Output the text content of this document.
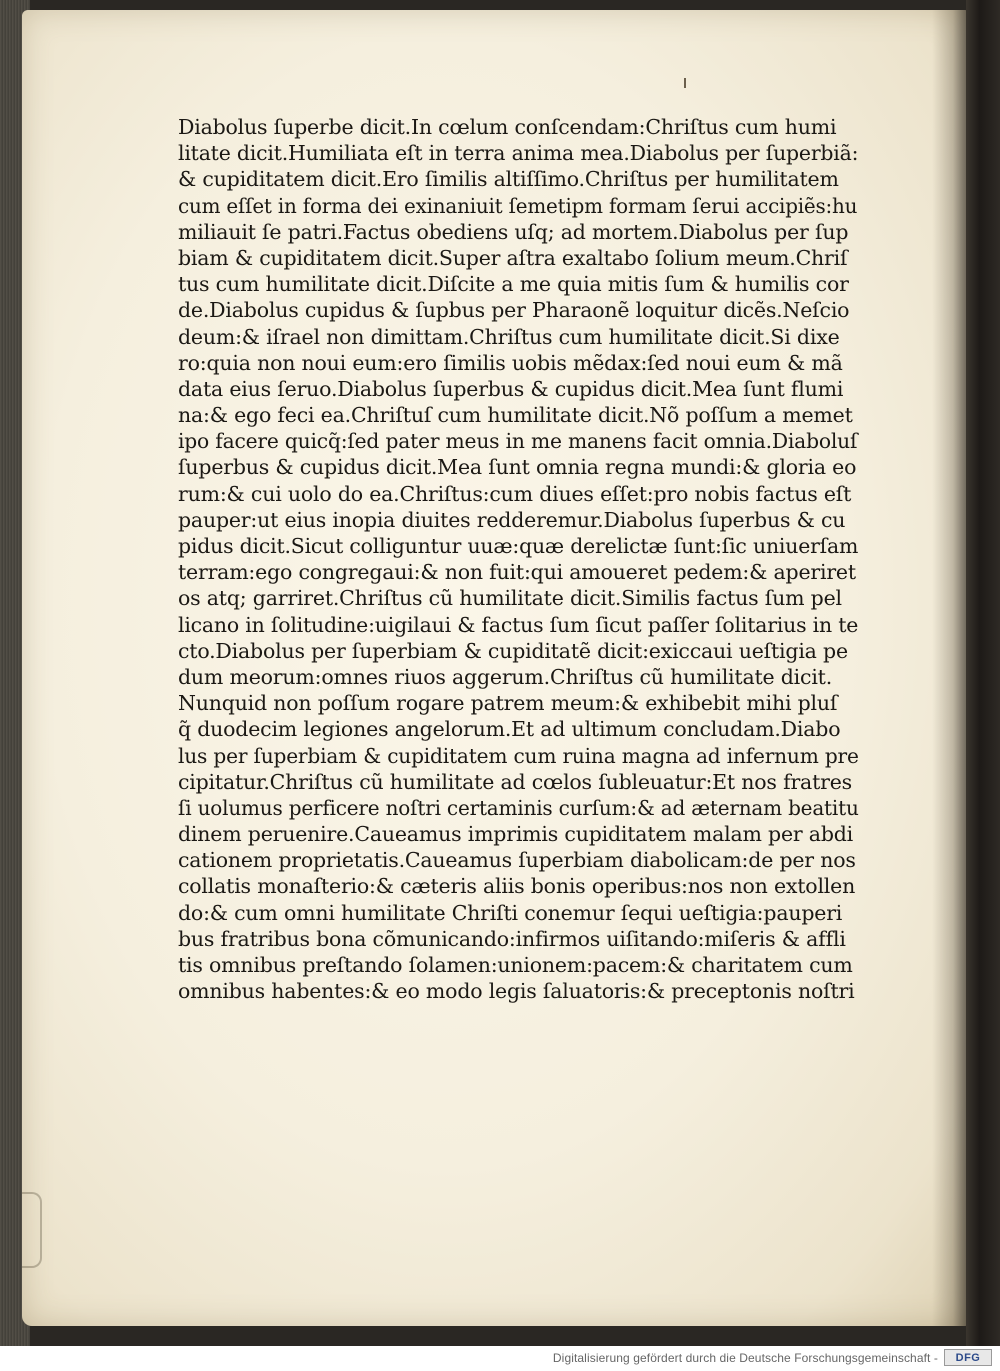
Diabolus ſuperbe dicit.In cœlum conſcendam:Chriſtus cum humi
litate dicit.Humiliata eſt in terra anima mea.Diabolus per ſuperbiã:
& cupiditatem dicit.Ero ſimilis altiſſimo.Chriſtus per humilitatem
cum eſſet in forma dei exinaniuit ſemetipm formam ſerui accipiẽs:hu
miliauit ſe patri.Factus obediens uſq; ad mortem.Diabolus per ſup
biam & cupiditatem dicit.Super aſtra exaltabo ſolium meum.Chriſ
tus cum humilitate dicit.Diſcite a me quia mitis ſum & humilis cor
de.Diabolus cupidus & ſupbus per Pharaonẽ loquitur dicẽs.Neſcio
deum:& iſrael non dimittam.Chriſtus cum humilitate dicit.Si dixe
ro:quia non noui eum:ero ſimilis uobis mẽdax:ſed noui eum & mã
data eius ſeruo.Diabolus ſuperbus & cupidus dicit.Mea ſunt flumi
na:& ego feci ea.Chriſtuſ cum humilitate dicit.Nõ poſſum a memet
ipo facere quicq̃:ſed pater meus in me manens facit omnia.Diaboluſ
ſuperbus & cupidus dicit.Mea ſunt omnia regna mundi:& gloria eo
rum:& cui uolo do ea.Chriſtus:cum diues eſſet:pro nobis factus eſt
pauper:ut eius inopia diuites redderemur.Diabolus ſuperbus & cu
pidus dicit.Sicut colliguntur uuæ:quæ derelictæ ſunt:ſic uniuerſam
terram:ego congregaui:& non fuit:qui amoueret pedem:& aperiret
os atq; garriret.Chriſtus cũ humilitate dicit.Similis factus ſum pel
licano in ſolitudine:uigilaui & factus ſum ſicut paſſer ſolitarius in te
cto.Diabolus per ſuperbiam & cupiditatẽ dicit:exiccaui ueſtigia pe
dum meorum:omnes riuos aggerum.Chriſtus cũ humilitate dicit.
Nunquid non poſſum rogare patrem meum:& exhibebit mihi pluſ
q̃ duodecim legiones angelorum.Et ad ultimum concludam.Diabo
lus per ſuperbiam & cupiditatem cum ruina magna ad infernum pre
cipitatur.Chriſtus cũ humilitate ad cœlos ſubleuatur:Et nos fratres
ſi uolumus perficere noſtri certaminis curſum:& ad æternam beatitu
dinem peruenire.Caueamus imprimis cupiditatem malam per abdi
cationem proprietatis.Caueamus ſuperbiam diabolicam:de per nos
collatis monaſterio:& cæteris aliis bonis operibus:nos non extollen
do:& cum omni humilitate Chriſti conemur ſequi ueſtigia:pauperi
bus fratribus bona cõmunicando:infirmos uiſitando:miſeris & affli
tis omnibus preſtando ſolamen:unionem:pacem:& charitatem cum
omnibus habentes:& eo modo legis ſaluatoris:& preceptonis noſtri
Digitalisierung gefördert durch die Deutsche Forschungsgemeinschaft - DFG
